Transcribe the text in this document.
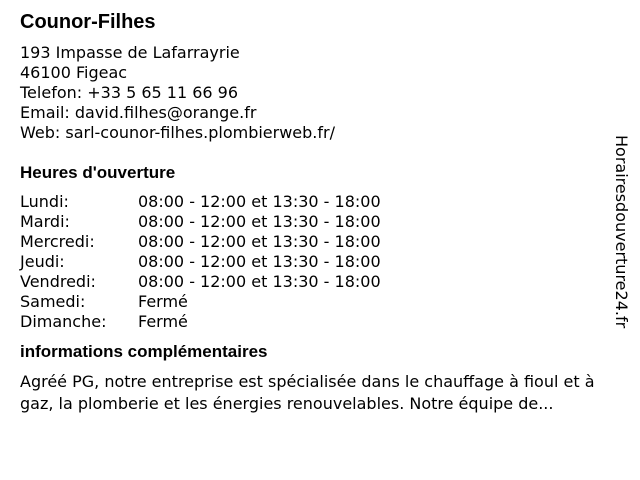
Counor-Filhes
193 Impasse de Lafarrayrie
46100 Figeac
Telefon: +33 5 65 11 66 96
Email: david.filhes@orange.fr
Web: sarl-counor-filhes.plombierweb.fr/
Heures d'ouverture
Lundi:	08:00 - 12:00 et 13:30 - 18:00
Mardi:	08:00 - 12:00 et 13:30 - 18:00
Mercredi:	08:00 - 12:00 et 13:30 - 18:00
Jeudi:	08:00 - 12:00 et 13:30 - 18:00
Vendredi:	08:00 - 12:00 et 13:30 - 18:00
Samedi:	Fermé
Dimanche:	Fermé
informations complémentaires

Agréé PG, notre entreprise est spécialisée dans le chauffage à fioul et à gaz, la plomberie et les énergies renouvelables. Notre équipe de...

Horairesdouverture24.fr
